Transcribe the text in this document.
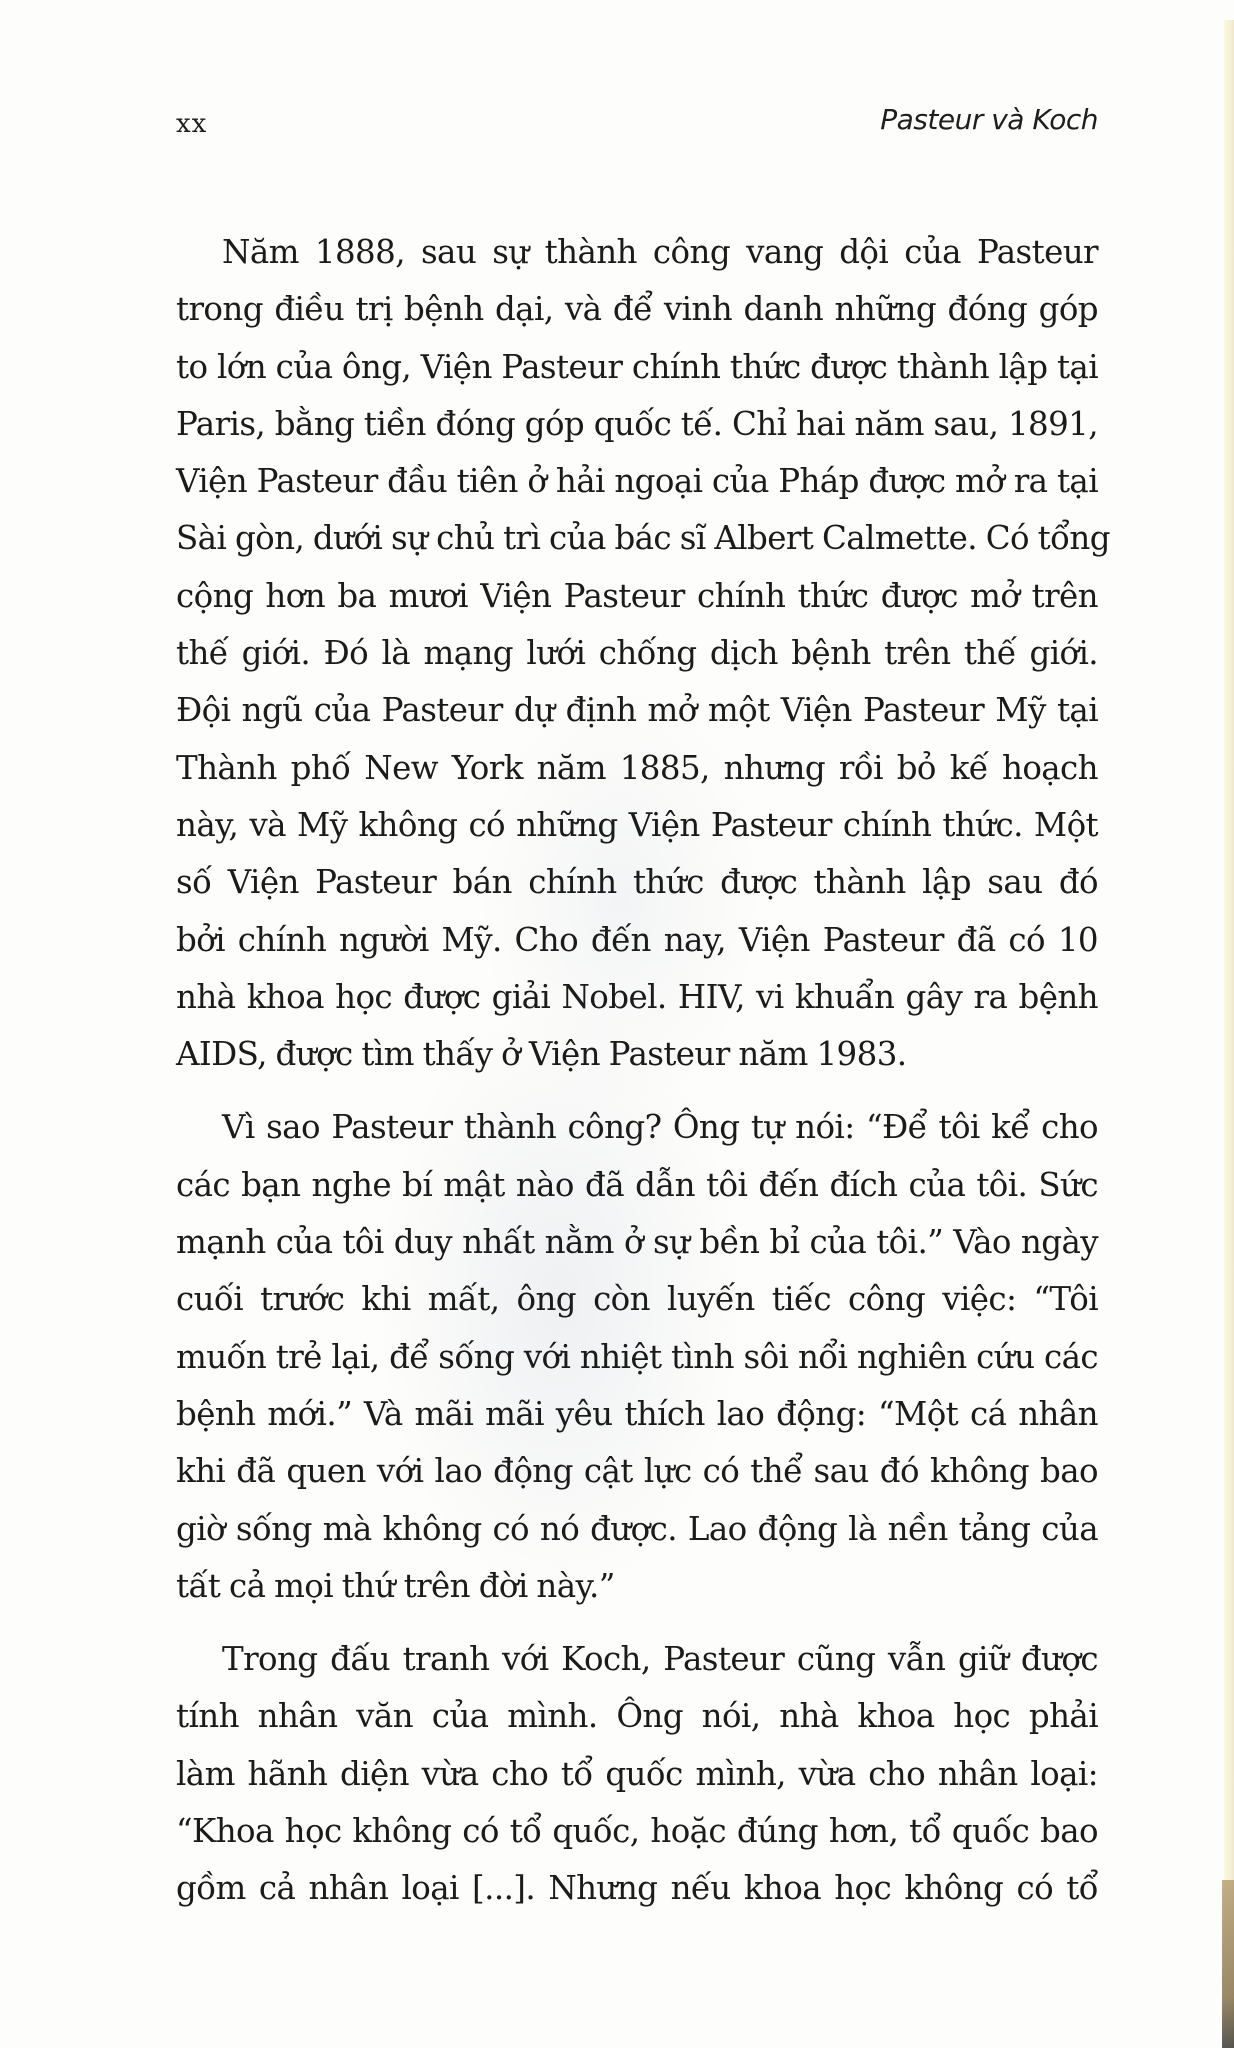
xx	Pasteur và Koch

Năm 1888, sau sự thành công vang dội của Pasteur
trong điều trị bệnh dại, và để vinh danh những đóng góp
to lớn của ông, Viện Pasteur chính thức được thành lập tại
Paris, bằng tiền đóng góp quốc tế. Chỉ hai năm sau, 1891,
Viện Pasteur đầu tiên ở hải ngoại của Pháp được mở ra tại
Sài gòn, dưới sự chủ trì của bác sĩ Albert Calmette. Có tổng
cộng hơn ba mươi Viện Pasteur chính thức được mở trên
thế giới. Đó là mạng lưới chống dịch bệnh trên thế giới.
Đội ngũ của Pasteur dự định mở một Viện Pasteur Mỹ tại
Thành phố New York năm 1885, nhưng rồi bỏ kế hoạch
này, và Mỹ không có những Viện Pasteur chính thức. Một
số Viện Pasteur bán chính thức được thành lập sau đó
bởi chính người Mỹ. Cho đến nay, Viện Pasteur đã có 10
nhà khoa học được giải Nobel. HIV, vi khuẩn gây ra bệnh
AIDS, được tìm thấy ở Viện Pasteur năm 1983.

Vì sao Pasteur thành công? Ông tự nói: “Để tôi kể cho
các bạn nghe bí mật nào đã dẫn tôi đến đích của tôi. Sức
mạnh của tôi duy nhất nằm ở sự bền bỉ của tôi.” Vào ngày
cuối trước khi mất, ông còn luyến tiếc công việc: “Tôi
muốn trẻ lại, để sống với nhiệt tình sôi nổi nghiên cứu các
bệnh mới.” Và mãi mãi yêu thích lao động: “Một cá nhân
khi đã quen với lao động cật lực có thể sau đó không bao
giờ sống mà không có nó được. Lao động là nền tảng của
tất cả mọi thứ trên đời này.”

Trong đấu tranh với Koch, Pasteur cũng vẫn giữ được
tính nhân văn của mình. Ông nói, nhà khoa học phải
làm hãnh diện vừa cho tổ quốc mình, vừa cho nhân loại:
“Khoa học không có tổ quốc, hoặc đúng hơn, tổ quốc bao
gồm cả nhân loại [...]. Nhưng nếu khoa học không có tổ
